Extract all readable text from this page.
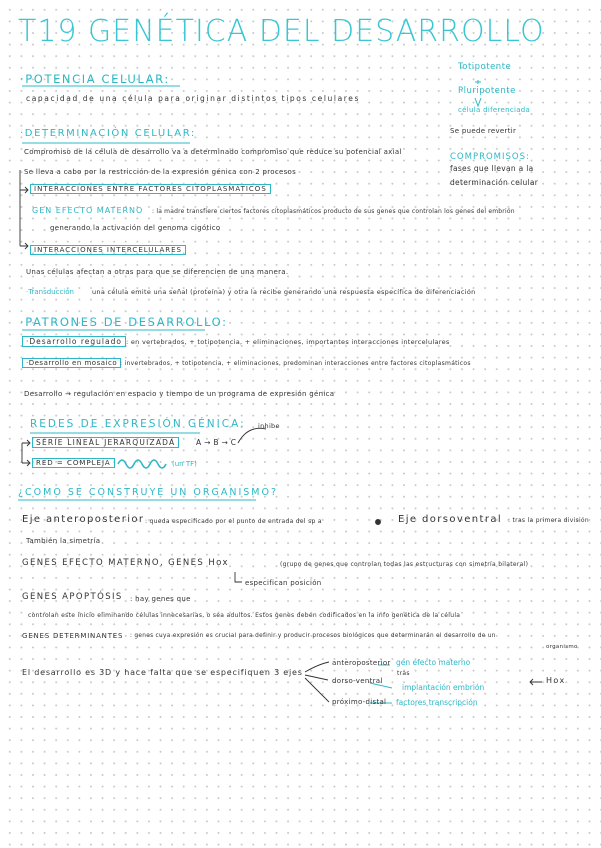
T19 GENÉTICA DEL DESARROLLO
Totipotente
Pluripotente
célula diferenciada
Se puede revertir
COMPROMISOS:
fases que llevan a la
determinación celular
·POTENCIA CELULAR:
capacidad de una célula para originar distintos tipos celulares
·DETERMINACIÓN CELULAR:
Compromiso de la célula de desarrollo va a determinado compromiso que reduce su potencial axial
Se lleva a cabo por la restricción de la expresión génica con 2 procesos
INTERACCIONES ENTRE FACTORES CITOPLASMÁTICOS
GEN EFECTO MATERNO : la madre transfiere ciertos factores citoplasmáticos producto de sus genes que controlan los genes del embrión
generando la activación del genoma cigótico
INTERACCIONES INTERCELULARES
Unas células afectan a otras para que se diferencien de una manera.
·Transducción	una célula emite una señal (proteína) y otra la recibe generando una respuesta específica de diferenciación
·PATRONES DE DESARROLLO:
·Desarrollo regulado : en vertebrados, + totipotencia, + eliminaciones, importantes interacciones intercelulares
·Desarrollo en mosaico : invertebrados, + totipotencia, + eliminaciones, predominan interacciones entre factores citoplasmáticos
Desarrollo → regulación en espacio y tiempo de un programa de expresión génica
REDES DE EXPRESIÓN GÉNICA:
SERIE LINEAL JERARQUIZADA	A → B → C
inhibe
RED = COMPLEJA	(un TF)
¿COMO SE CONSTRUYE UN ORGANISMO?
Eje anteroposterior : queda especificado por el punto de entrada del sp a	Eje dorsoventral : tras la primera división
También la simetría
GENES EFECTO MATERNO, GENES Hox	(grupo de genes que controlan todas las estructuras con simetría bilateral)
especifican posición
GENES APOPTÓSIS : hay genes que
controlan este inicio eliminando células innecesarias, o sea adultos. Estos genes deben codificados en la info genética de la célula
GENES DETERMINANTES : genes cuya expresión es crucial para definir y producir procesos biológicos que determinarán el desarrollo de un
organismo
El desarrollo es 3D y hace falta que se especifiquen 3 ejes
anteroposterior
dorso-ventral
próximo-distal
gen efecto materno
implantación embrión
factores transcripción
tras
Hox
